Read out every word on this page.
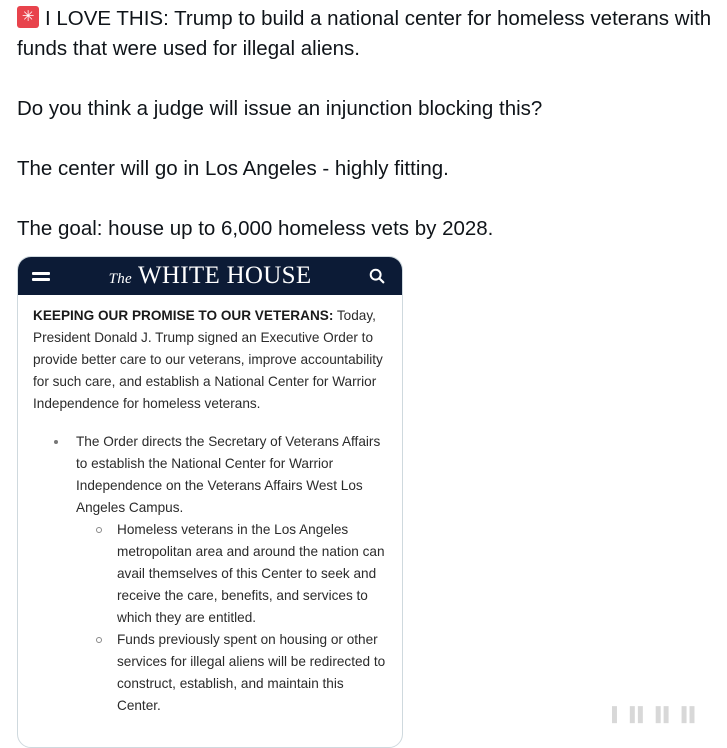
✳I LOVE THIS: Trump to build a national center for homeless veterans with funds that were used for illegal aliens.

Do you think a judge will issue an injunction blocking this?

The center will go in Los Angeles - highly fitting.

The goal: house up to 6,000 homeless vets by 2028.

The WHITE HOUSE

KEEPING OUR PROMISE TO OUR VETERANS: Today, President Donald J. Trump signed an Executive Order to provide better care to our veterans, improve accountability for such care, and establish a National Center for Warrior Independence for homeless veterans.

The Order directs the Secretary of Veterans Affairs to establish the National Center for Warrior Independence on the Veterans Affairs West Los Angeles Campus.
Homeless veterans in the Los Angeles metropolitan area and around the nation can avail themselves of this Center to seek and receive the care, benefits, and services to which they are entitled.
Funds previously spent on housing or other services for illegal aliens will be redirected to construct, establish, and maintain this Center.
▌▐▌▐▌▐▌
